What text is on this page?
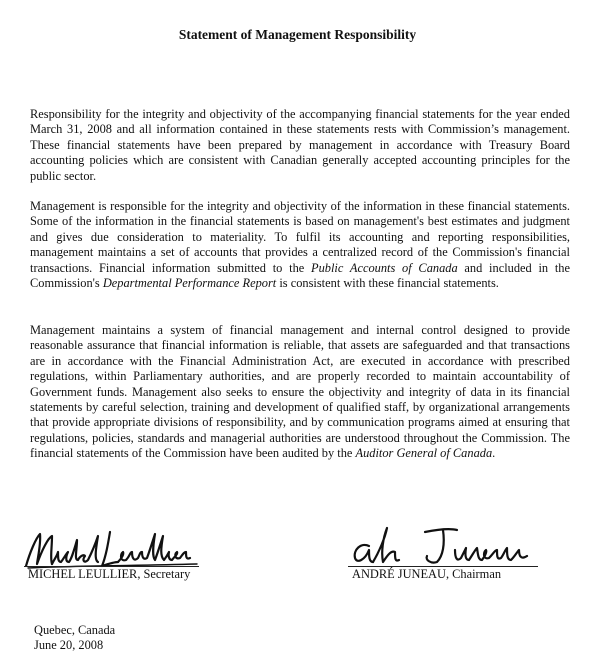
Statement of Management Responsibility

Responsibility for the integrity and objectivity of the accompanying financial statements for the year ended March 31, 2008 and all information contained in these statements rests with Commission’s management. These financial statements have been prepared by management in accordance with Treasury Board accounting policies which are consistent with Canadian generally accepted accounting principles for the public sector.

Management is responsible for the integrity and objectivity of the information in these financial statements. Some of the information in the financial statements is based on management's best estimates and judgment and gives due consideration to materiality. To fulfil its accounting and reporting responsibilities, management maintains a set of accounts that provides a centralized record of the Commission's financial transactions. Financial information submitted to the Public Accounts of Canada and included in the Commission's Departmental Performance Report is consistent with these financial statements.

Management maintains a system of financial management and internal control designed to provide reasonable assurance that financial information is reliable, that assets are safeguarded and that transactions are in accordance with the Financial Administration Act, are executed in accordance with prescribed regulations, within Parliamentary authorities, and are properly recorded to maintain accountability of Government funds. Management also seeks to ensure the objectivity and integrity of data in its financial statements by careful selection, training and development of qualified staff, by organizational arrangements that provide appropriate divisions of responsibility, and by communication programs aimed at ensuring that regulations, policies, standards and managerial authorities are understood throughout the Commission. The financial statements of the Commission have been audited by the Auditor General of Canada.

MICHEL LEULLIER, Secretary	ANDRÉ JUNEAU, Chairman
Quebec, Canada
June 20, 2008
